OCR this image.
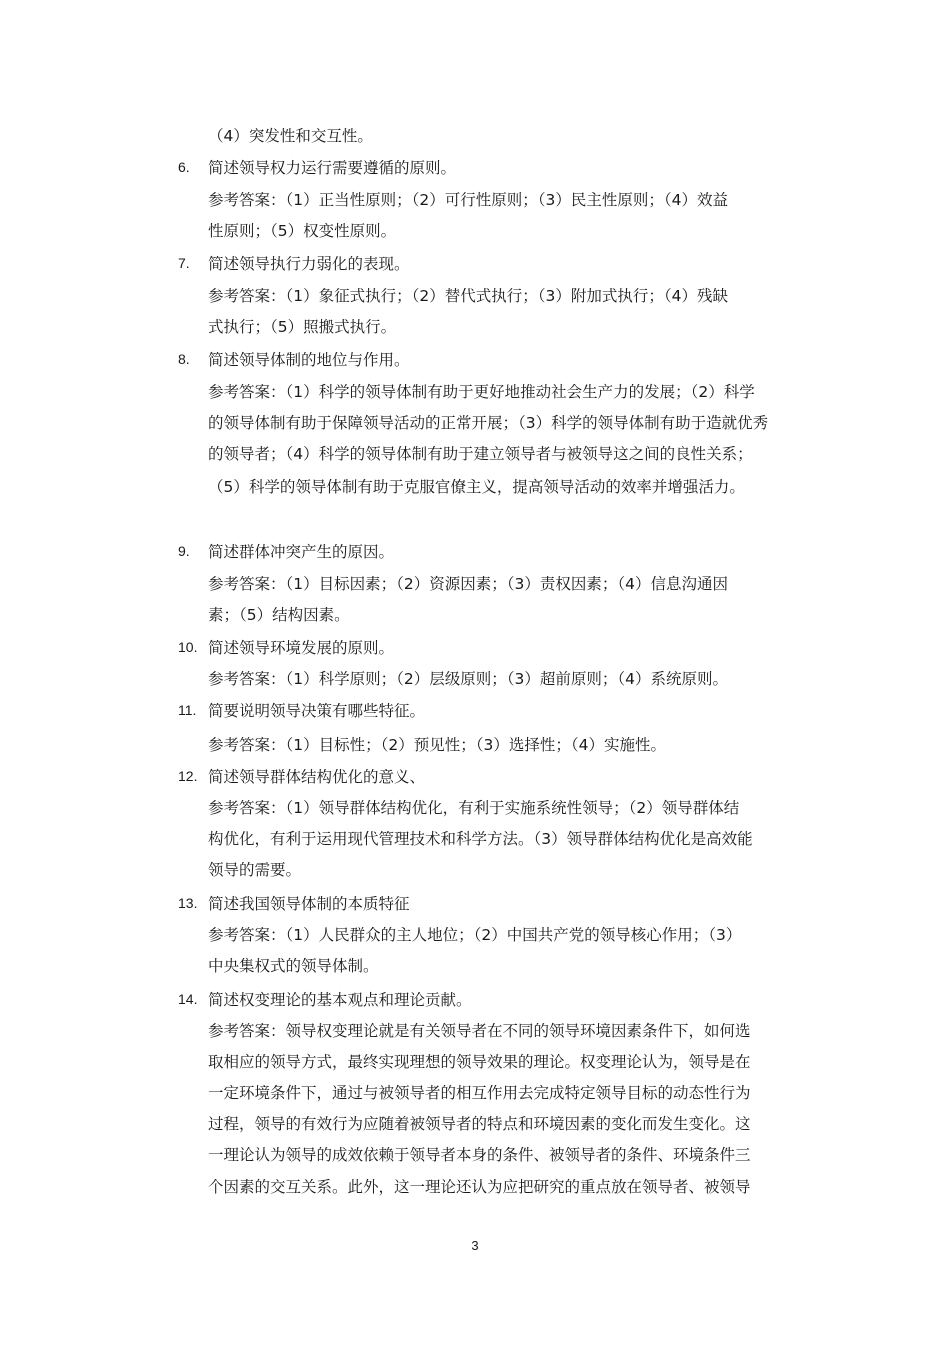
（4）突发性和交互性。
6. 简述领导权力运行需要遵循的原则。
参考答案：（1）正当性原则；（2）可行性原则；（3）民主性原则；（4）效益
性原则；（5）权变性原则。
7. 简述领导执行力弱化的表现。
参考答案：（1）象征式执行；（2）替代式执行；（3）附加式执行；（4）残缺
式执行；（5）照搬式执行。
8. 简述领导体制的地位与作用。
参考答案：（1）科学的领导体制有助于更好地推动社会生产力的发展；（2）科学
的领导体制有助于保障领导活动的正常开展；（3）科学的领导体制有助于造就优秀
的领导者；（4）科学的领导体制有助于建立领导者与被领导这之间的良性关系；
（5）科学的领导体制有助于克服官僚主义，提高领导活动的效率并增强活力。
9. 简述群体冲突产生的原因。
参考答案：（1）目标因素；（2）资源因素；（3）责权因素；（4）信息沟通因
素；（5）结构因素。
10. 简述领导环境发展的原则。
参考答案：（1）科学原则；（2）层级原则；（3）超前原则；（4）系统原则。
11. 简要说明领导决策有哪些特征。
参考答案：（1）目标性；（2）预见性；（3）选择性；（4）实施性。
12. 简述领导群体结构优化的意义、
参考答案：（1）领导群体结构优化，有利于实施系统性领导；（2）领导群体结
构优化，有利于运用现代管理技术和科学方法。（3）领导群体结构优化是高效能
领导的需要。
13. 简述我国领导体制的本质特征
参考答案：（1）人民群众的主人地位；（2）中国共产党的领导核心作用；（3）
中央集权式的领导体制。
14. 简述权变理论的基本观点和理论贡献。
参考答案：领导权变理论就是有关领导者在不同的领导环境因素条件下，如何选
取相应的领导方式，最终实现理想的领导效果的理论。权变理论认为，领导是在
一定环境条件下，通过与被领导者的相互作用去完成特定领导目标的动态性行为
过程，领导的有效行为应随着被领导者的特点和环境因素的变化而发生变化。这
一理论认为领导的成效依赖于领导者本身的条件、被领导者的条件、环境条件三
个因素的交互关系。此外，这一理论还认为应把研究的重点放在领导者、被领导
3
